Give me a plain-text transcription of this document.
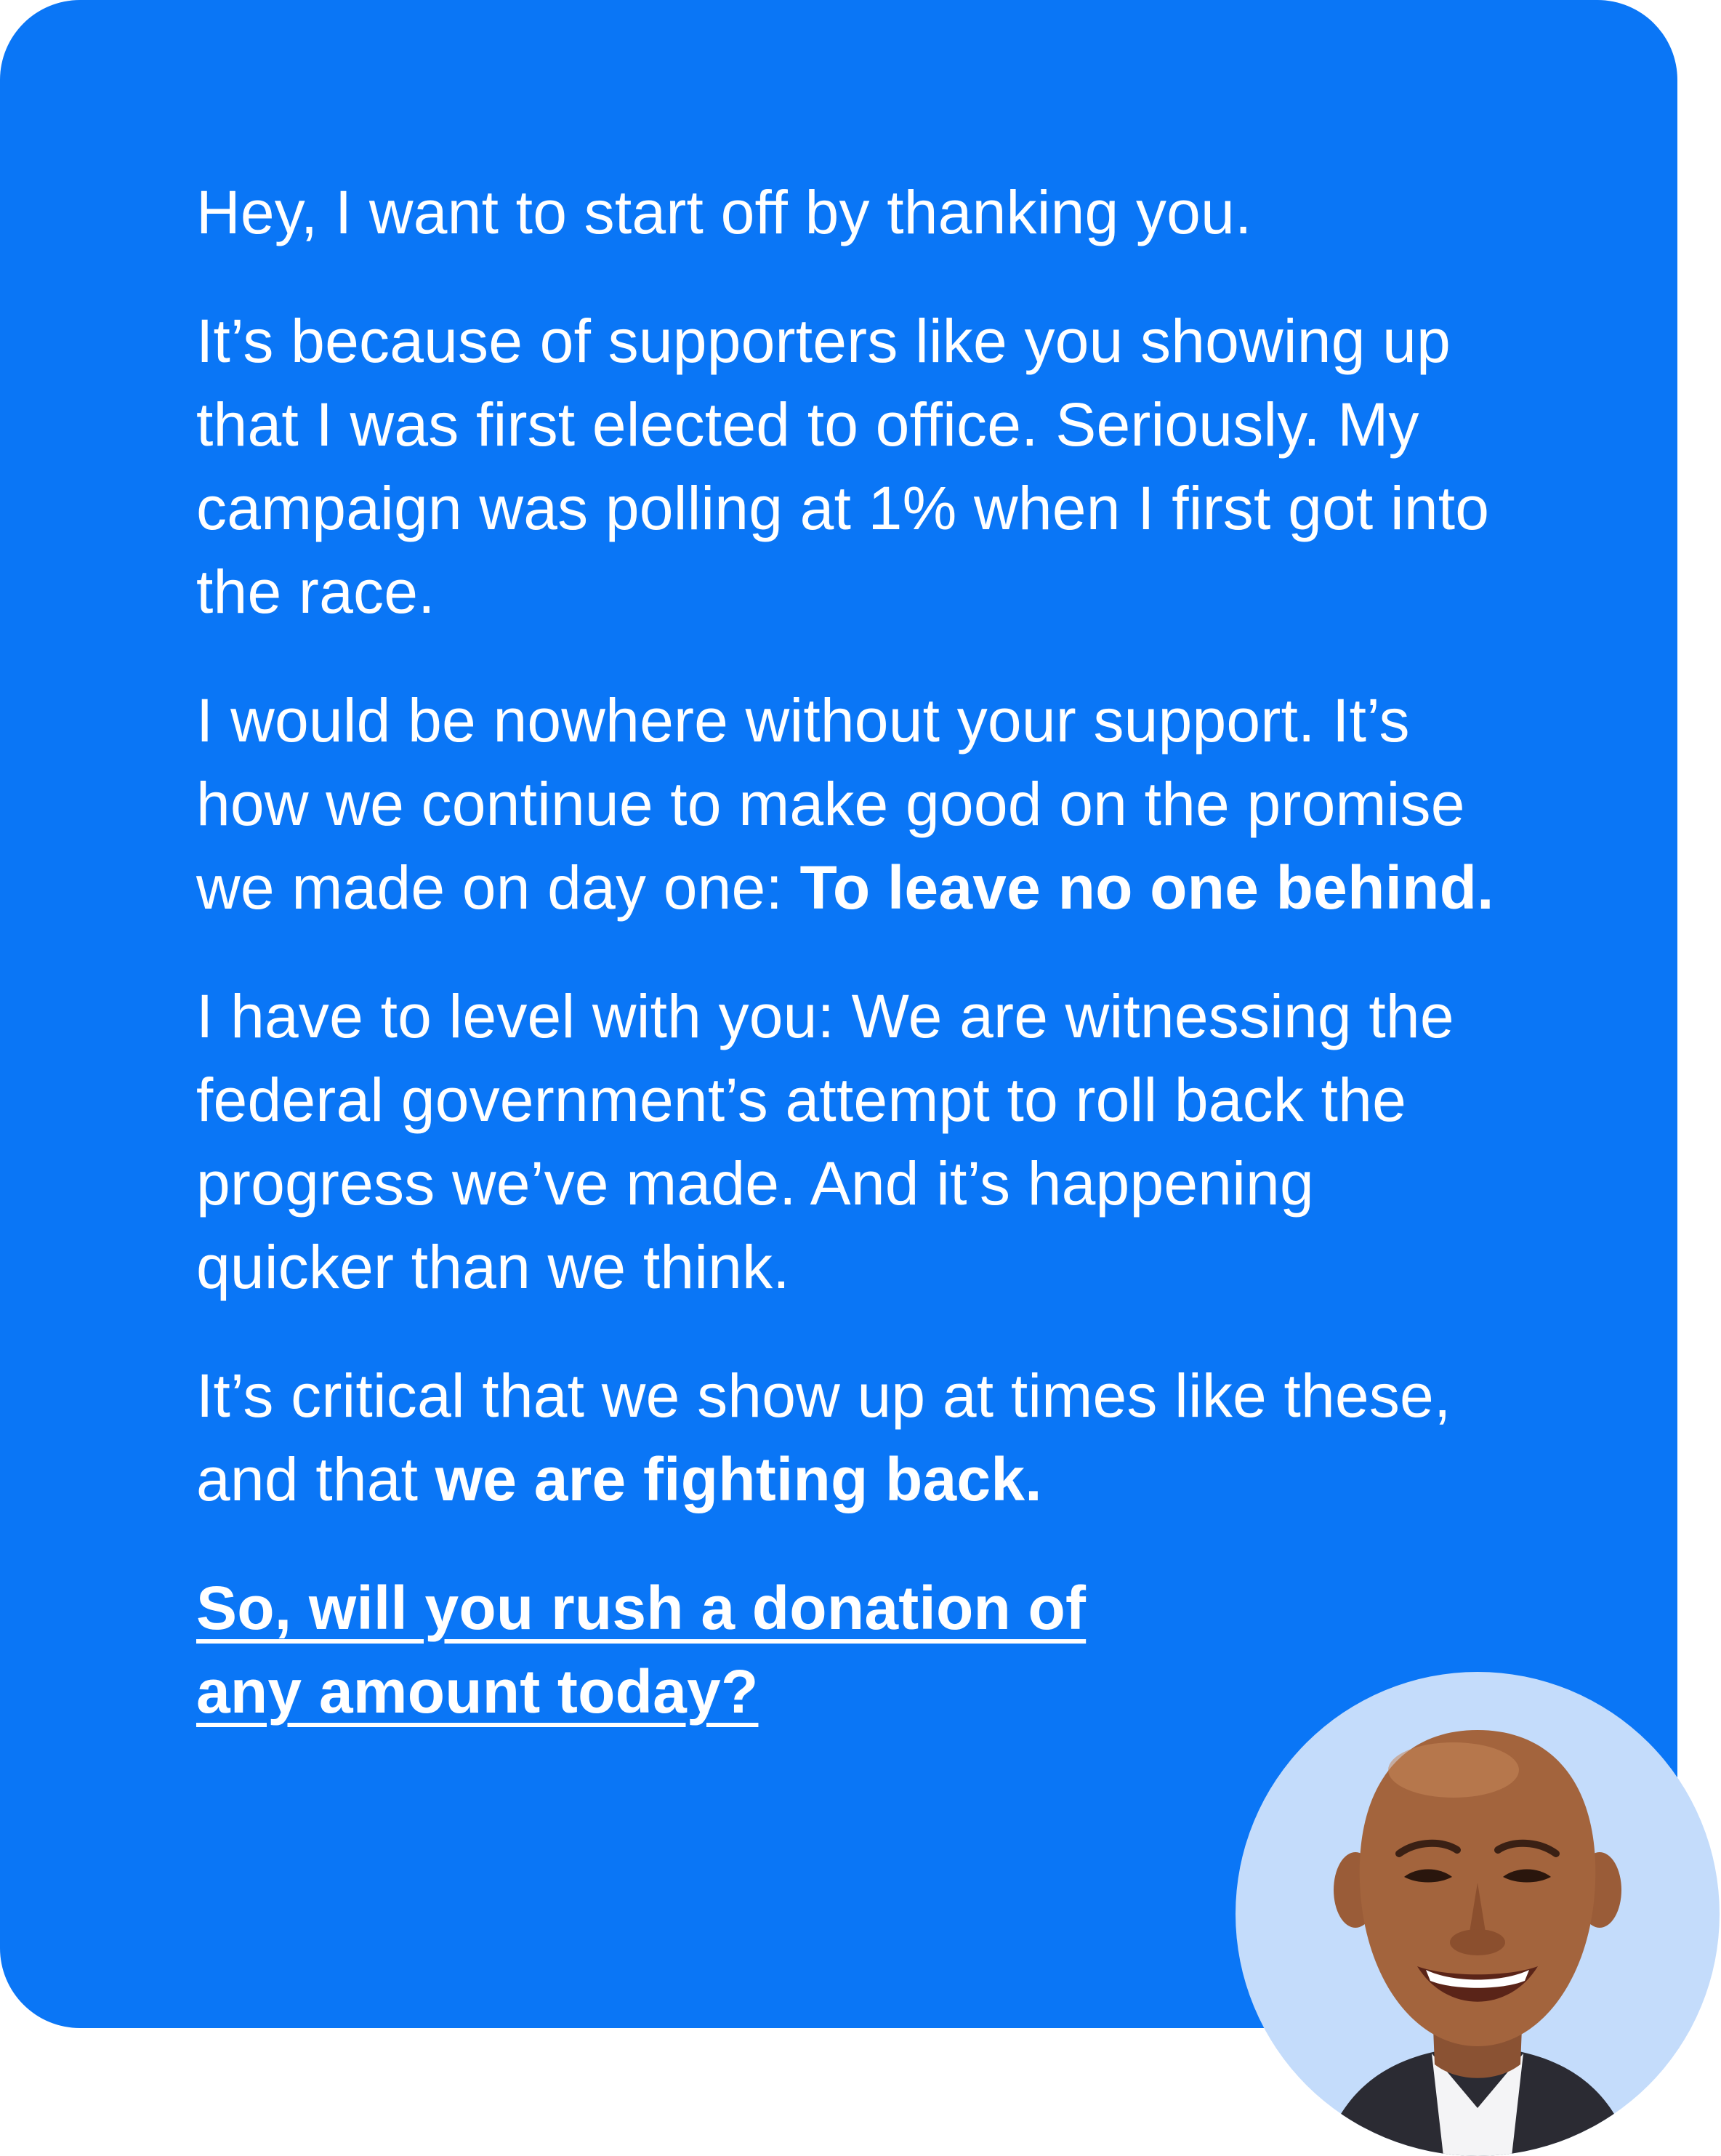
Hey, I want to start off by thanking you.

It’s because of supporters like you showing up that I was first elected to office. Seriously. My campaign was polling at 1% when I first got into the race.

I would be nowhere without your support. It’s how we continue to make good on the promise we made on day one: To leave no one behind.

I have to level with you: We are witnessing the federal government’s attempt to roll back the progress we’ve made. And it’s happening quicker than we think.

It’s critical that we show up at times like these, and that we are fighting back.

So, will you rush a donation of
any amount today?
